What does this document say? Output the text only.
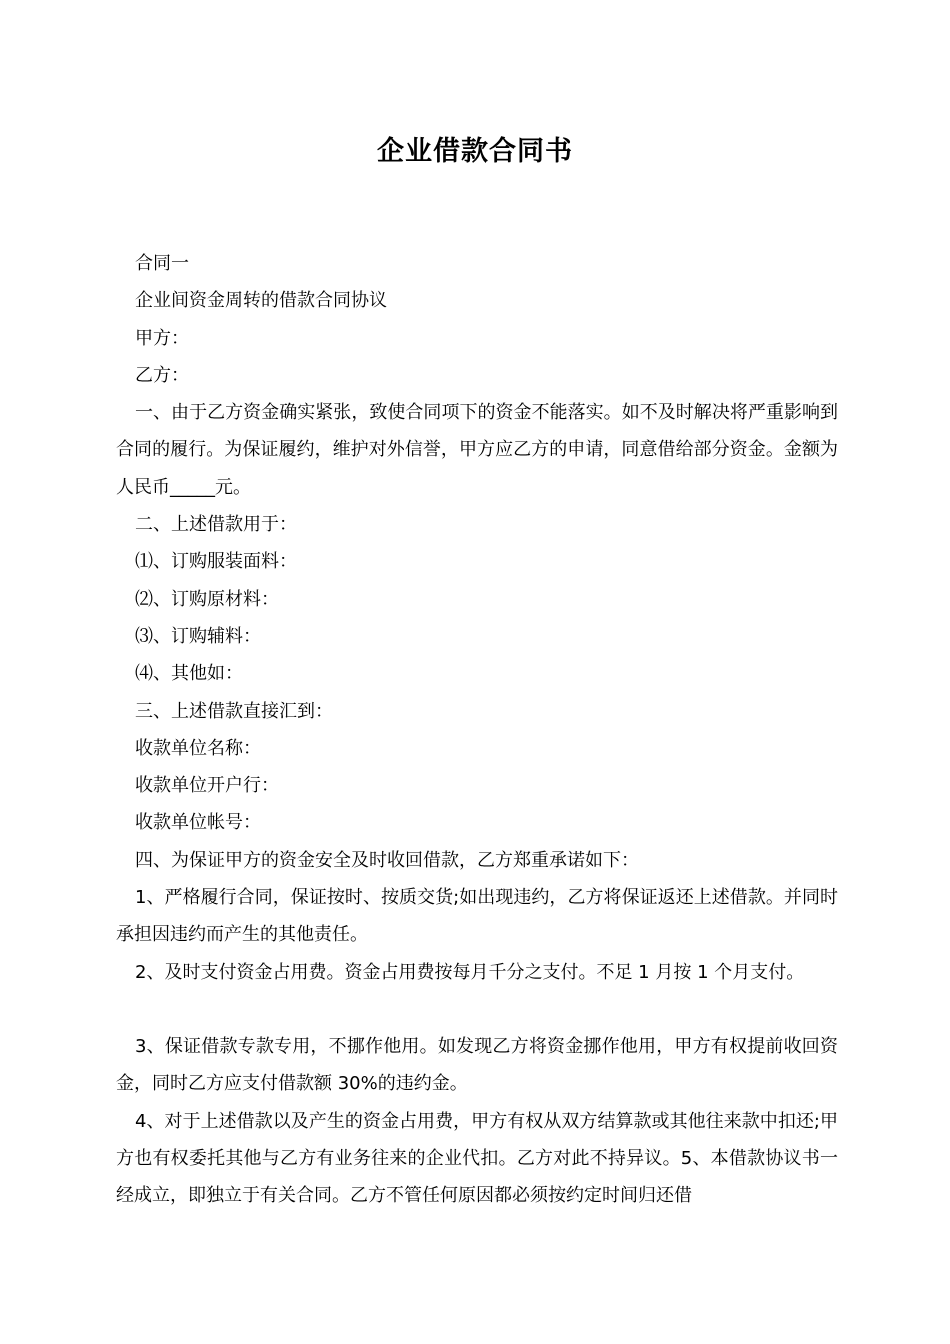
企业借款合同书

合同一

企业间资金周转的借款合同协议

甲方：

乙方：

一、由于乙方资金确实紧张，致使合同项下的资金不能落实。如不及时解决将严重影响到合同的履行。为保证履约，维护对外信誉，甲方应乙方的申请，同意借给部分资金。金额为人民币_____元。

二、上述借款用于：

⑴、订购服装面料：

⑵、订购原材料：

⑶、订购辅料：

⑷、其他如：

三、上述借款直接汇到：

收款单位名称：

收款单位开户行：

收款单位帐号：

四、为保证甲方的资金安全及时收回借款，乙方郑重承诺如下：

1、严格履行合同，保证按时、按质交货;如出现违约，乙方将保证返还上述借款。并同时承担因违约而产生的其他责任。

2、及时支付资金占用费。资金占用费按每月千分之支付。不足 1 月按 1 个月支付。

3、保证借款专款专用，不挪作他用。如发现乙方将资金挪作他用，甲方有权提前收回资金，同时乙方应支付借款额 30%的违约金。

4、对于上述借款以及产生的资金占用费，甲方有权从双方结算款或其他往来款中扣还;甲方也有权委托其他与乙方有业务往来的企业代扣。乙方对此不持异议。5、本借款协议书一经成立，即独立于有关合同。乙方不管任何原因都必须按约定时间归还借
